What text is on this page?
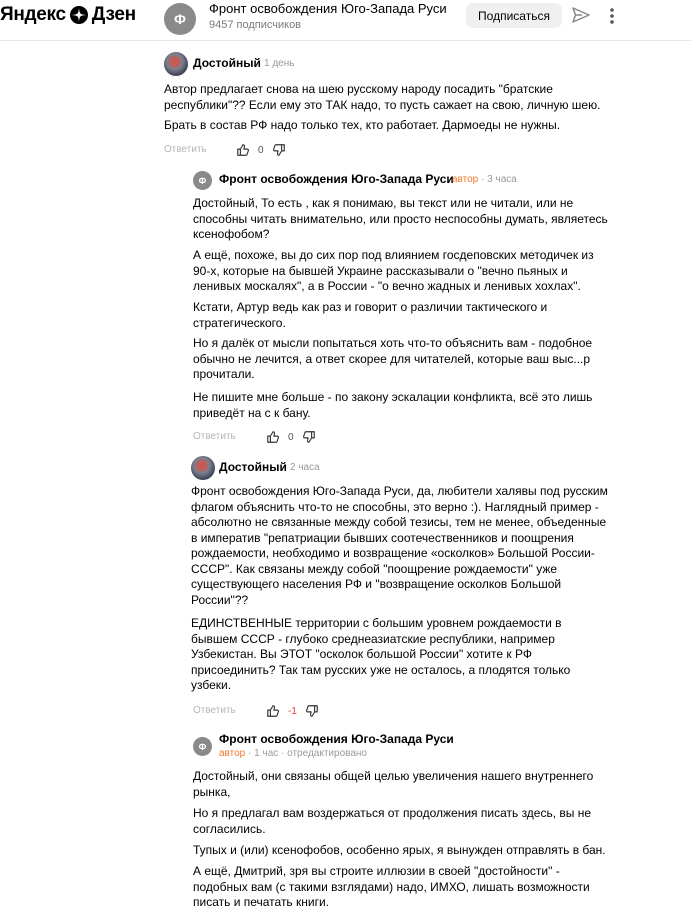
Яндекс Дзен	Ф
Фронт освобождения Юго-Запада Руси
9457 подписчиков
Подписаться
Достойный 1 день
Автор предлагает снова на шею русскому народу посадить "братские республики"?? Если ему это ТАК надо, то пусть сажает на свою, личную шею.
Брать в состав РФ надо только тех, кто работает. Дармоеды не нужны.
Ответить	0
Ф	Фронт освобождения Юго-Запада Руси
автор · 3 часа
Достойный, То есть , как я понимаю, вы текст или не читали, или не способны читать внимательно, или просто неспособны думать, являетесь ксенофобом?
А ещё, похоже, вы до сих пор под влиянием госдеповских методичек из 90-х, которые на бывшей Украине рассказывали о "вечно пьяных и ленивых москалях", а в России - "о вечно жадных и ленивых хохлах".
Кстати, Артур ведь как раз и говорит о различии тактического и стратегического.
Но я далёк от мысли попытаться хоть что-то объяснить вам - подобное обычно не лечится, а ответ скорее для читателей, которые ваш выс...р прочитали.
Не пишите мне больше - по закону эскалации конфликта, всё это лишь приведёт на с к бану.
Ответить	0
Достойный 2 часа
Фронт освобождения Юго-Запада Руси, да, любители халявы под русским флагом объяснить что-то не способны, это верно :). Наглядный пример - абсолютно не связанные между собой тезисы, тем не менее, объеденные в императив "репатриации бывших соотечественников и поощрения рождаемости, необходимо и возвращение «осколков» Большой России-СССР". Как связаны между собой "поощрение рождаемости" уже существующего населения РФ и "возвращение осколков Большой России"??
ЕДИНСТВЕННЫЕ территории с большим уровнем рождаемости в бывшем СССР - глубоко среднеазиатские республики, например Узбекистан. Вы ЭТОТ "осколок большой России" хотите к РФ присоединить? Так там русских уже не осталось, а плодятся только узбеки.
Ответить	-1
Ф
Фронт освобождения Юго-Запада Руси
автор · 1 час · отредактировано
Достойный, они связаны общей целью увеличения нашего внутреннего рынка,
Но я предлагал вам воздержаться от продолжения писать здесь, вы не согласились.
Тупых и (или) ксенофобов, особенно ярых, я вынужден отправлять в бан.
А ещё, Дмитрий, зря вы строите иллюзии в своей "достойности" - подобных вам (с такими взглядами) надо, ИМХО, лишать возможности писать и печатать книги.
